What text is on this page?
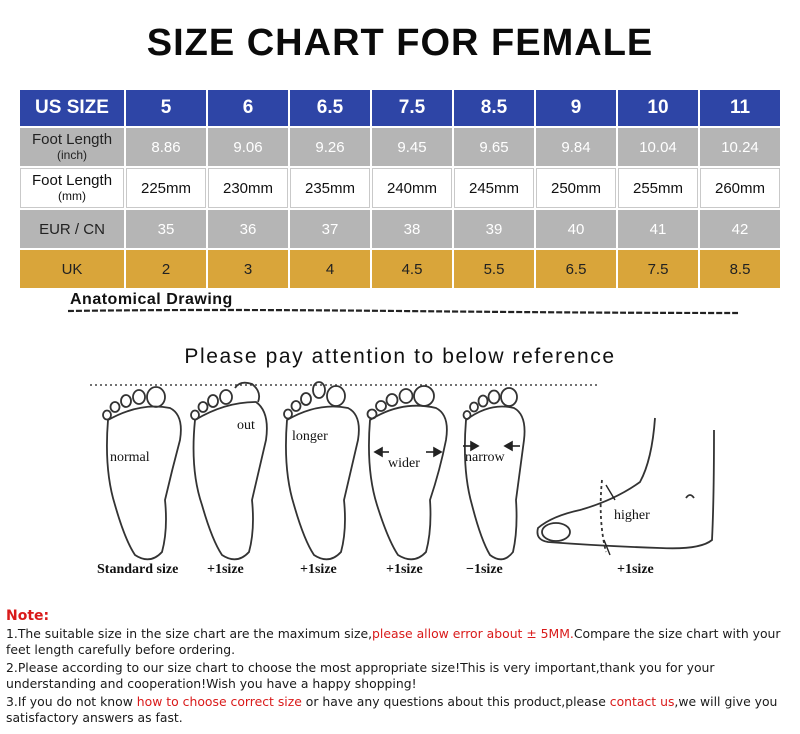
SIZE CHART FOR FEMALE
US SIZE	5	6	6.5	7.5	8.5	9	10	11
Foot Length
(inch)	8.86	9.06	9.26	9.45	9.65	9.84	10.04	10.24
Foot Length
(mm)	225mm	230mm	235mm	240mm	245mm	250mm	255mm	260mm
EUR / CN	35	36	37	38	39	40	41	42
UK	2	3	4	4.5	5.5	6.5	7.5	8.5
Anatomical Drawing
Please pay attention to below reference
normal
out
longer
wider	narrow
higher
Standard size +1size	+1size	+1size	−1size	+1size
Note:

1.The suitable size in the size chart are the maximum size,please allow error about ± 5MM.Compare the size chart with your feet length carefully before ordering.

2.Please according to our size chart to choose the most appropriate size!This is very important,thank you for your understanding and cooperation!Wish you have a happy shopping!

3.If you do not know how to choose correct size or have any questions about this product,please contact us,we will give you satisfactory answers as fast.
